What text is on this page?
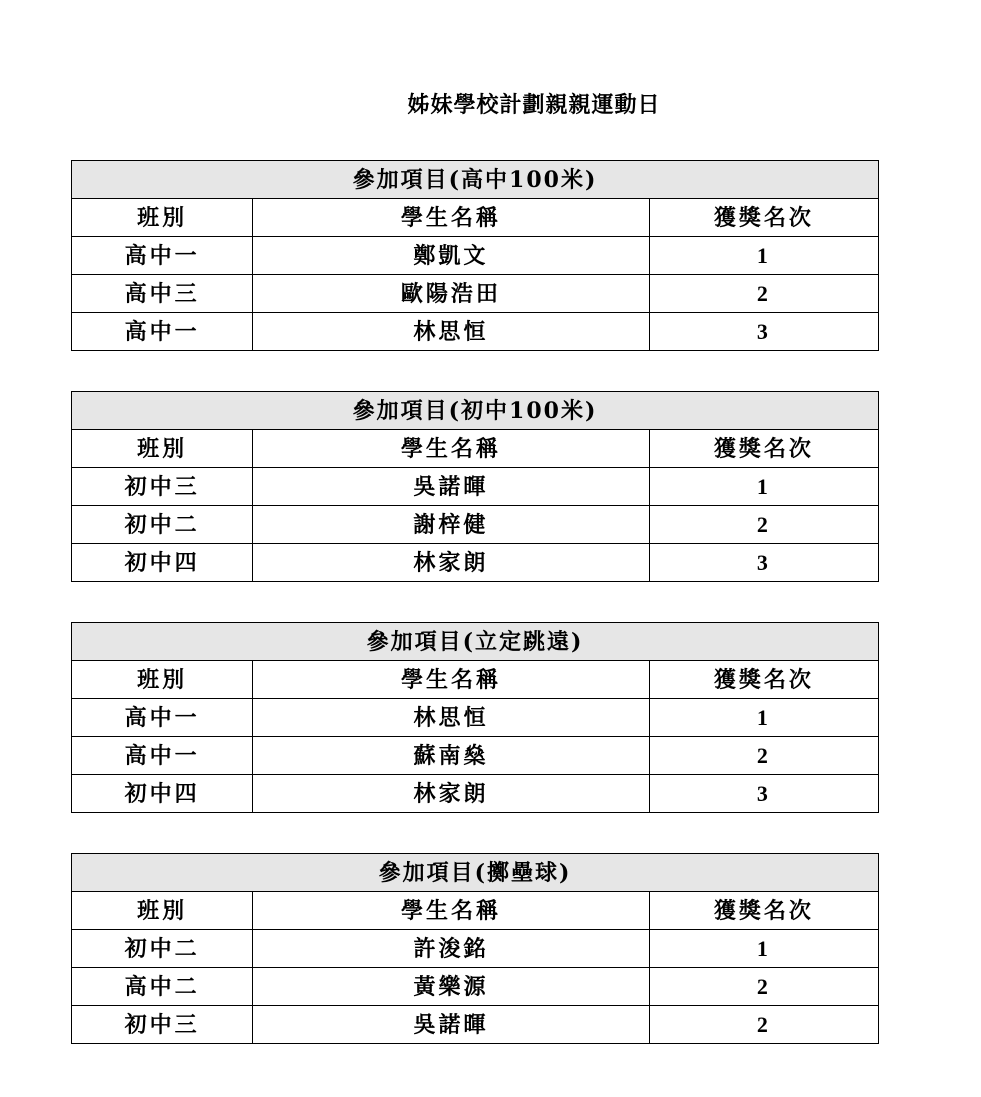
姊妹學校計劃親親運動日
參加項目(高中100米)		
班別	學生名稱	獲獎名次
高中一	鄭凱文	1
高中三	歐陽浩田	2
高中一	林思恒	3
參加項目(初中100米)		
班別	學生名稱	獲獎名次
初中三	吳諾暉	1
初中二	謝梓健	2
初中四	林家朗	3
參加項目(立定跳遠)		
班別	學生名稱	獲獎名次
高中一	林思恒	1
高中一	蘇南燊	2
初中四	林家朗	3
參加項目(擲壘球)		
班別	學生名稱	獲獎名次
初中二	許浚銘	1
高中二	黃樂源	2
初中三	吳諾暉	2
